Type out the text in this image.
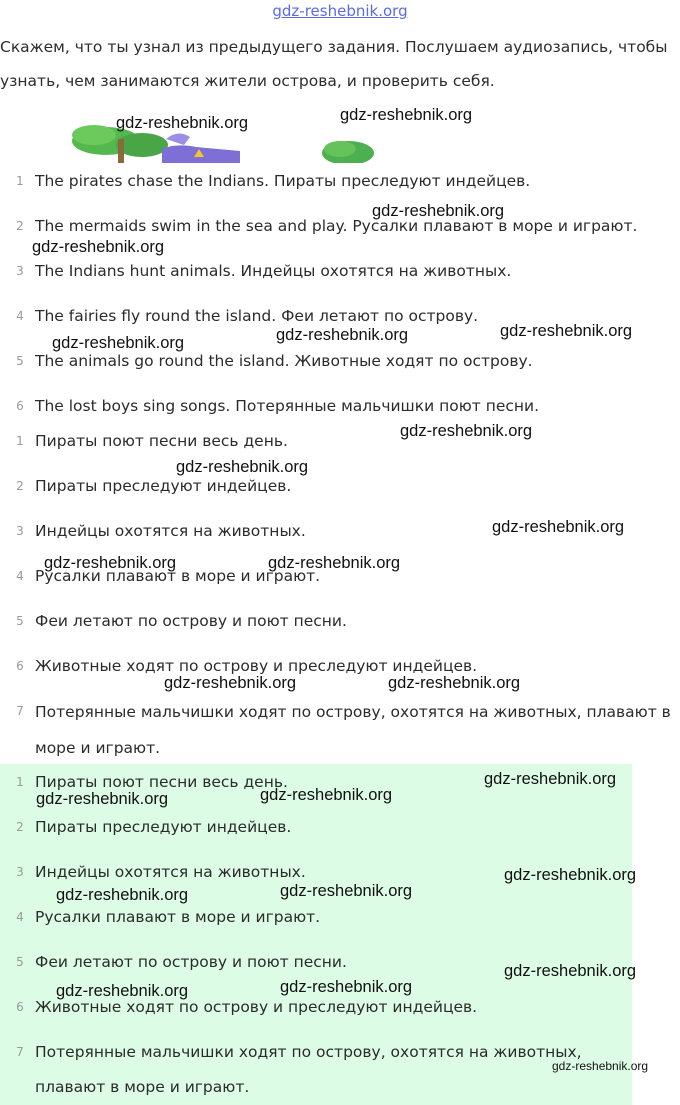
gdz-reshebnik.org
Скажем, что ты узнал из предыдущего задания. Послушаем аудиозапись, чтобы узнать, чем занимаются жители острова, и проверить себя.
1 The pirates chase the Indians. Пираты преследуют индейцев.
2 The mermaids swim in the sea and play. Русалки плавают в море и играют.
3 The Indians hunt animals. Индейцы охотятся на животных.
4 The fairies fly round the island. Феи летают по острову.
5 The animals go round the island. Животные ходят по острову.
6 The lost boys sing songs. Потерянные мальчишки поют песни.
1 Пираты поют песни весь день.
2 Пираты преследуют индейцев.
3 Индейцы охотятся на животных.
4 Русалки плавают в море и играют.
5 Феи летают по острову и поют песни.
6 Животные ходят по острову и преследуют индейцев.
7 Потерянные мальчишки ходят по острову, охотятся на животных, плавают в море и играют.
1 Пираты поют песни весь день.
2 Пираты преследуют индейцев.
3 Индейцы охотятся на животных.
4 Русалки плавают в море и играют.
5 Феи летают по острову и поют песни.
6 Животные ходят по острову и преследуют индейцев.
7 Потерянные мальчишки ходят по острову, охотятся на животных, плавают в море и играют.
gdz-reshebnik.org	gdz-reshebnik.org
gdz-reshebnik.org
gdz-reshebnik.org
gdz-reshebnik.org	gdz-reshebnik.org
gdz-reshebnik.org
gdz-reshebnik.org
gdz-reshebnik.org
gdz-reshebnik.org
gdz-reshebnik.org	gdz-reshebnik.org
gdz-reshebnik.org	gdz-reshebnik.org
gdz-reshebnik.org
gdz-reshebnik.org	gdz-reshebnik.org
gdz-reshebnik.org
gdz-reshebnik.org	gdz-reshebnik.org
gdz-reshebnik.org
gdz-reshebnik.org	gdz-reshebnik.org
gdz-reshebnik.org
